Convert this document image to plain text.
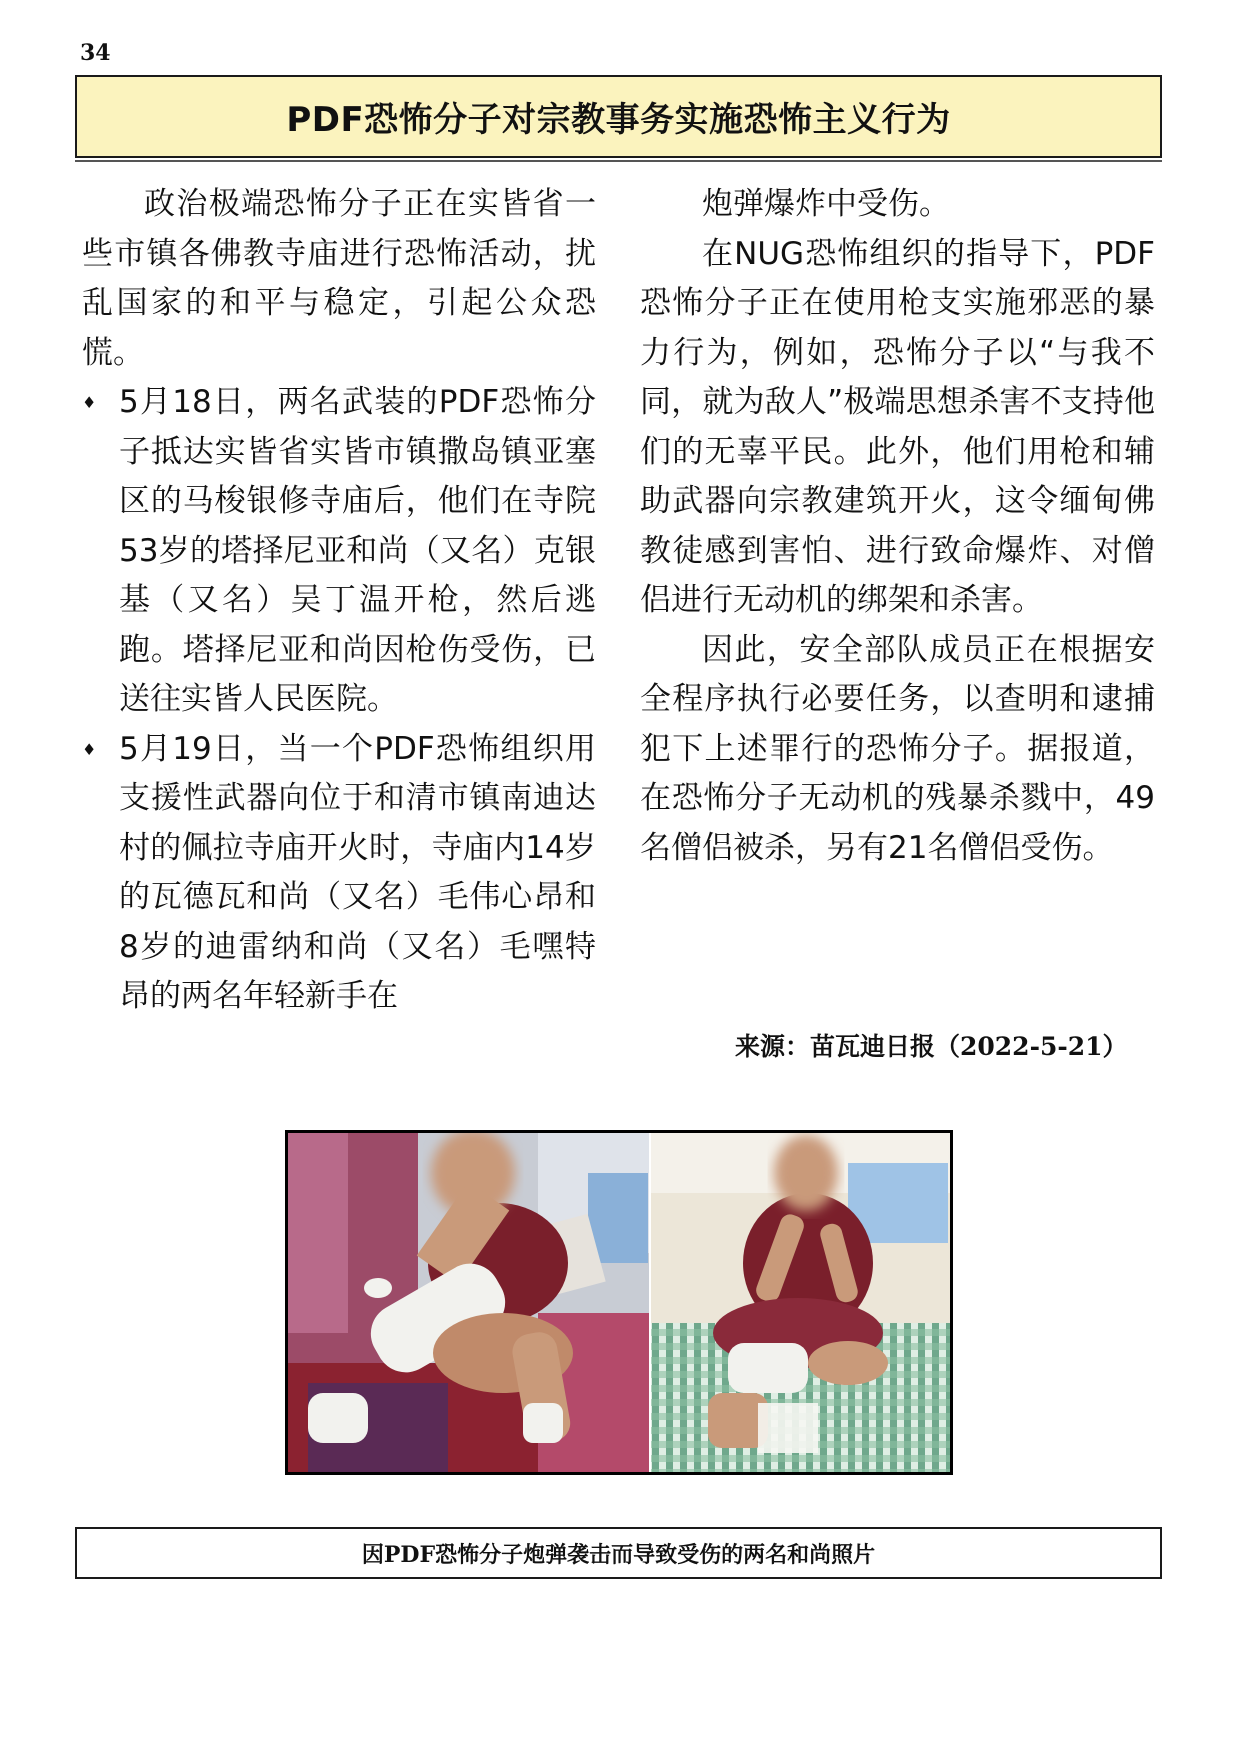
34
PDF恐怖分子对宗教事务实施恐怖主义行为

政治极端恐怖分子正在实皆省一些市镇各佛教寺庙进行恐怖活动，扰乱国家的和平与稳定，引起公众恐慌。

♦ 5月18日，两名武装的PDF恐怖分子抵达实皆省实皆市镇撒岛镇亚塞区的马梭银修寺庙后，他们在寺院53岁的塔择尼亚和尚（又名）克银基（又名）吴丁温开枪，然后逃跑。塔择尼亚和尚因枪伤受伤，已送往实皆人民医院。
♦ 5月19日，当一个PDF恐怖组织用支援性武器向位于和清市镇南迪达村的佩拉寺庙开火时，寺庙内14岁的瓦德瓦和尚（又名）毛伟心昂和8岁的迪雷纳和尚（又名）毛嘿特昂的两名年轻新手在

炮弹爆炸中受伤。

在NUG恐怖组织的指导下，PDF恐怖分子正在使用枪支实施邪恶的暴力行为，例如，恐怖分子以“与我不同，就为敌人”极端思想杀害不支持他们的无辜平民。此外，他们用枪和辅助武器向宗教建筑开火，这令缅甸佛教徒感到害怕、进行致命爆炸、对僧侣进行无动机的绑架和杀害。

因此，安全部队成员正在根据安全程序执行必要任务，以查明和逮捕犯下上述罪行的恐怖分子。据报道，在恐怖分子无动机的残暴杀戮中，49名僧侣被杀，另有21名僧侣受伤。

来源：苗瓦迪日报（2022-5-21）
因PDF恐怖分子炮弹袭击而导致受伤的两名和尚照片
